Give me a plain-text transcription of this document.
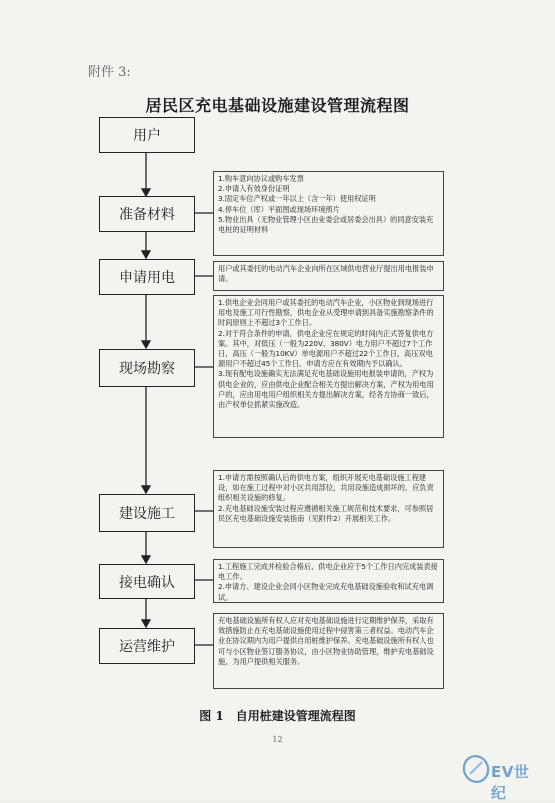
附件 3:
居民区充电基础设施建设管理流程图
用户
准备材料
申请用电
现场勘察
建设施工
接电确认
运营维护

1.购车意向协议或购车发票

2.申请人有效身份证明

3.固定车位产权或一年以上（含一年）使用权证明

4.停车位（库）平面图或现场环境照片

5.物业出具（无物业管理小区由业委会或居委会出具）的同意安装充电桩的证明材料

用户或其委托的电动汽车企业向所在区域供电营业厅提出用电报装申请。

1.供电企业会同用户或其委托的电动汽车企业，小区物业到现场进行用电及施工可行性勘察，供电企业从受理申请到具备实施勘察条件的时间原则上不超过3个工作日。

2.对于符合条件的申请，供电企业应在规定的时间内正式答复供电方案。其中，对低压（一般为220V、380V）电力用户不超过7个工作日，高压（一般为10KV）单电源用户不超过22个工作日，高压双电源用户不超过45个工作日。申请方应在有效期内予以确认。

3.现有配电设施确实无法满足充电基础设施用电报装申请的，产权为供电企业的，应由供电企业配合相关方提出解决方案，产权为用电用户的，应由用电用户组织相关方提出解决方案，经各方协商一致后，由产权单位抓紧实施改造。

1.申请方需按照确认后的供电方案，组织开展充电基础设施工程建设，如在施工过程中对小区共用部位，共用设施造成损坏的，应负责组织相关设施的修复。

2.充电基础设施安装过程应遵循相关施工规范和技术要求，可参照居民区充电基础设施安装指南（见附件2）开展相关工作。

1.工程施工完成并检验合格后，供电企业应于5个工作日内完成装表接电工作。

2.申请方、建设企业会同小区物业完成充电基础设施验收和试充电调试。

充电基础设施所有权人应对充电基础设施进行定期维护保养，采取有效措施防止在充电基础设施使用过程中侵害第三者权益。电动汽车企业在协议期内为用户提供自用桩维护保养。充电基础设施所有权人也可与小区物业签订服务协议，由小区物业协助管理，维护充电基础设施，为用户提供相关服务。

图 1　自用桩建设管理流程图
12
EV世纪
